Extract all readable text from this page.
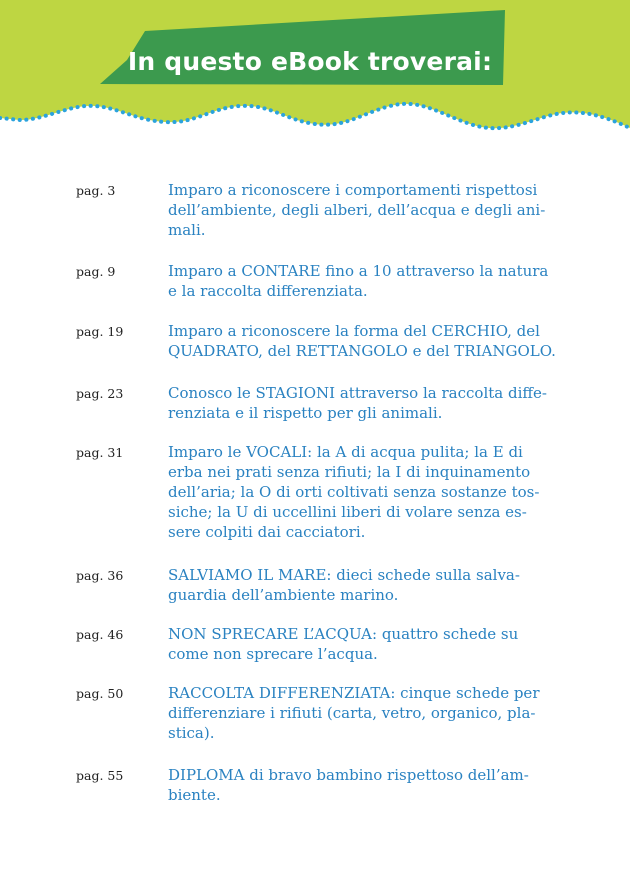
In questo eBook troverai:
pag. 3	Imparo a riconoscere i comportamenti rispettosi
dell’ambiente, degli alberi, dell’acqua e degli ani-
mali.
pag. 9	Imparo a CONTARE fino a 10 attraverso la natura
e la raccolta differenziata.
pag. 19	Imparo a riconoscere la forma del CERCHIO, del
QUADRATO, del RETTANGOLO e del TRIANGOLO.
pag. 23	Conosco le STAGIONI attraverso la raccolta diffe-
renziata e il rispetto per gli animali.
pag. 31	Imparo le VOCALI: la A di acqua pulita; la E di
erba nei prati senza rifiuti; la I di inquinamento
dell’aria; la O di orti coltivati senza sostanze tos-
siche; la U di uccellini liberi di volare senza es-
sere colpiti dai cacciatori.
pag. 36	SALVIAMO IL MARE: dieci schede sulla salva-
guardia dell’ambiente marino.
pag. 46	NON SPRECARE L’ACQUA: quattro schede su
come non sprecare l’acqua.
pag. 50	RACCOLTA DIFFERENZIATA: cinque schede per
differenziare i rifiuti (carta, vetro, organico, pla-
stica).
pag. 55	DIPLOMA di bravo bambino rispettoso dell’am-
biente.
